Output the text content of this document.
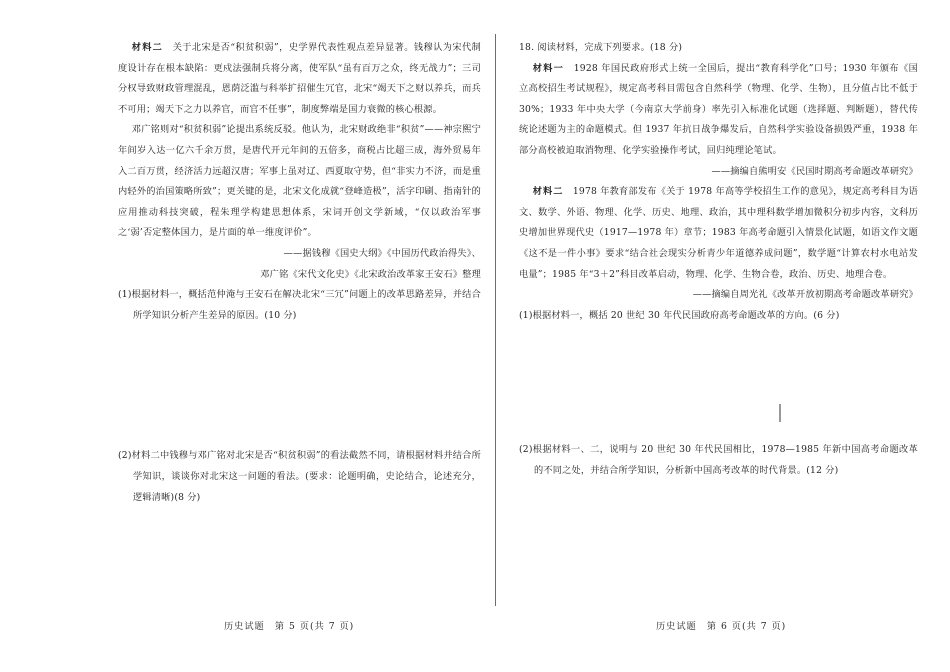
材料二　 关于北宋是否“积贫积弱”，史学界代表性观点差异显著。钱穆认为宋代制度设计存在根本缺陷：更戍法强制兵将分离，使军队“虽有百万之众，终无战力”；三司分权导致财政管理混乱，恩荫泛滥与科举扩招催生冗官，北宋“竭天下之财以养兵，而兵不可用；竭天下之力以养官，而官不任事”，制度弊端是国力衰微的核心根源。

邓广铭则对“积贫积弱”论提出系统反驳。他认为，北宋财政绝非“积贫”——神宗熙宁年间岁入达一亿六千余万贯，是唐代开元年间的五倍多，商税占比超三成，海外贸易年入二百万贯，经济活力远超汉唐；军事上虽对辽、西夏取守势，但“非实力不济，而是重内轻外的治国策略所致”；更关键的是，北宋文化成就“登峰造极”，活字印刷、指南针的应用推动科技突破，程朱理学构建思想体系，宋词开创文学新域，“仅以政治军事之‘弱’否定整体国力，是片面的单一维度评价”。

——据钱穆《国史大纲》《中国历代政治得失》、

邓广铭《宋代文化史》《北宋政治改革家王安石》整理

(1)根据材料一，概括范仲淹与王安石在解决北宋“三冗”问题上的改革思路差异，并结合所学知识分析产生差异的原因。(10 分)

(2)材料二中钱穆与邓广铭对北宋是否“积贫积弱”的看法截然不同，请根据材料并结合所学知识，谈谈你对北宋这一问题的看法。(要求：论题明确，史论结合，论述充分，逻辑清晰)(8 分)

18. 阅读材料，完成下列要求。(18 分)

材料一　 1928 年国民政府形式上统一全国后，提出“教育科学化”口号；1930 年颁布《国立高校招生考试规程》，规定高考科目需包含自然科学（物理、化学、生物），且分值占比不低于 30%；1933 年中央大学（今南京大学前身）率先引入标准化试题（选择题、判断题），替代传统论述题为主的命题模式。但 1937 年抗日战争爆发后，自然科学实验设备损毁严重，1938 年部分高校被迫取消物理、化学实验操作考试，回归纯理论笔试。

——摘编自熊明安《民国时期高考命题改革研究》

材料二　 1978 年教育部发布《关于 1978 年高等学校招生工作的意见》，规定高考科目为语文、数学、外语、物理、化学、历史、地理、政治，其中理科数学增加微积分初步内容，文科历史增加世界现代史（1917—1978 年）章节；1983 年高考命题引入情景化试题，如语文作文题《这不是一件小事》要求“结合社会现实分析青少年道德养成问题”，数学题“计算农村水电站发电量”；1985 年“3＋2”科目改革启动，物理、化学、生物合卷，政治、历史、地理合卷。

——摘编自周光礼《改革开放初期高考命题改革研究》

(1)根据材料一，概括 20 世纪 30 年代民国政府高考命题改革的方向。(6 分)

(2)根据材料一、二，说明与 20 世纪 30 年代民国相比，1978—1985 年新中国高考命题改革的不同之处，并结合所学知识，分析新中国高考改革的时代背景。(12 分)

历史试题　第 5 页(共 7 页)	历史试题　第 6 页(共 7 页)
